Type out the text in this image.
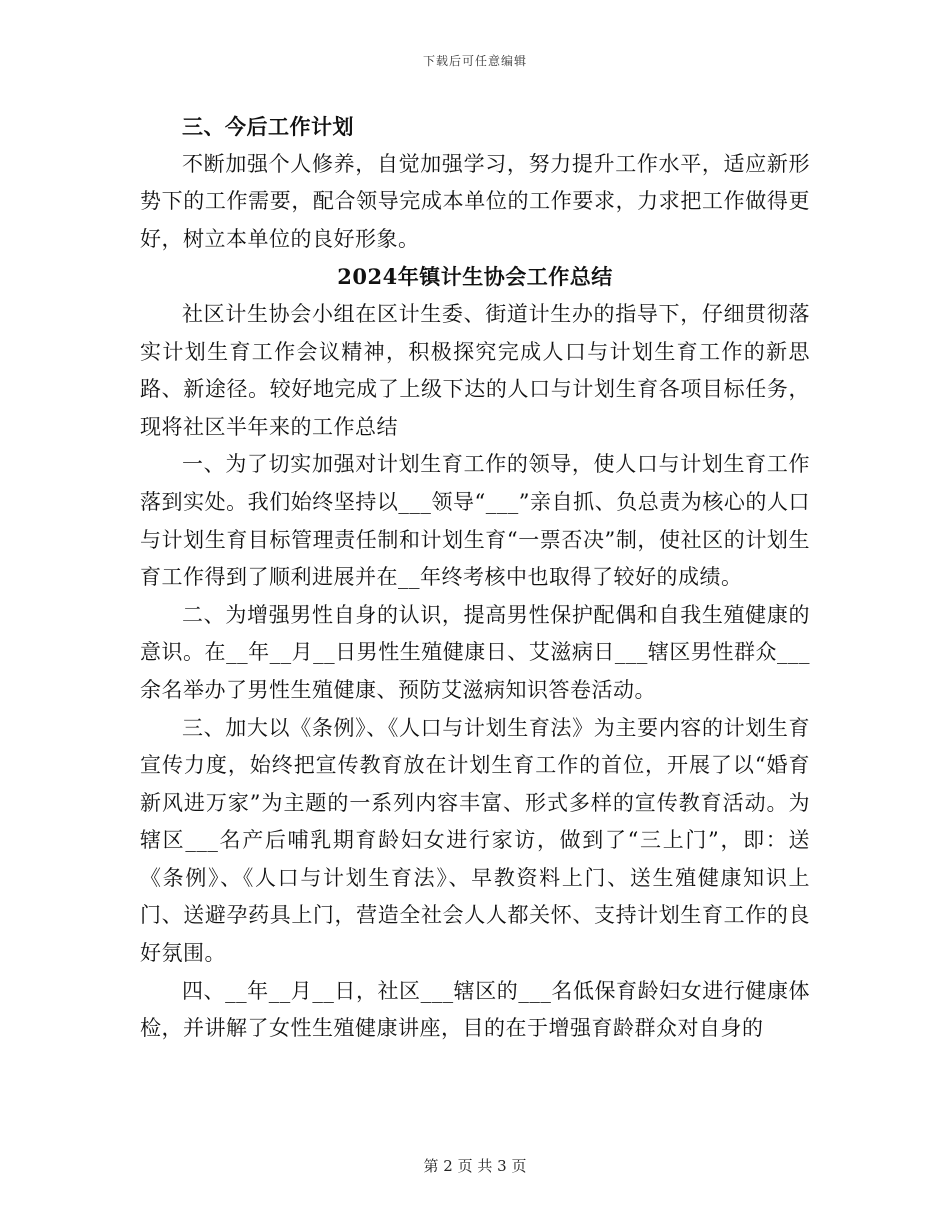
下载后可任意编辑

三、今后工作计划

不断加强个人修养，自觉加强学习，努力提升工作水平，适应新形势下的工作需要，配合领导完成本单位的工作要求，力求把工作做得更好，树立本单位的良好形象。

2024年镇计生协会工作总结

社区计生协会小组在区计生委、街道计生办的指导下，仔细贯彻落实计划生育工作会议精神，积极探究完成人口与计划生育工作的新思路、新途径。较好地完成了上级下达的人口与计划生育各项目标任务，现将社区半年来的工作总结

一、为了切实加强对计划生育工作的领导，使人口与计划生育工作落到实处。我们始终坚持以___领导“___”亲自抓、负总责为核心的人口与计划生育目标管理责任制和计划生育“一票否决”制，使社区的计划生育工作得到了顺利进展并在__年终考核中也取得了较好的成绩。

二、为增强男性自身的认识，提高男性保护配偶和自我生殖健康的意识。在__年__月__日男性生殖健康日、艾滋病日___辖区男性群众___余名举办了男性生殖健康、预防艾滋病知识答卷活动。

三、加大以《条例》、《人口与计划生育法》为主要内容的计划生育宣传力度，始终把宣传教育放在计划生育工作的首位，开展了以“婚育新风进万家”为主题的一系列内容丰富、形式多样的宣传教育活动。为辖区___名产后哺乳期育龄妇女进行家访，做到了“三上门”，即：送《条例》、《人口与计划生育法》、早教资料上门、送生殖健康知识上门、送避孕药具上门，营造全社会人人都关怀、支持计划生育工作的良好氛围。

四、__年__月__日，社区___辖区的___名低保育龄妇女进行健康体检，并讲解了女性生殖健康讲座，目的在于增强育龄群众对自身的

第 2 页 共 3 页
